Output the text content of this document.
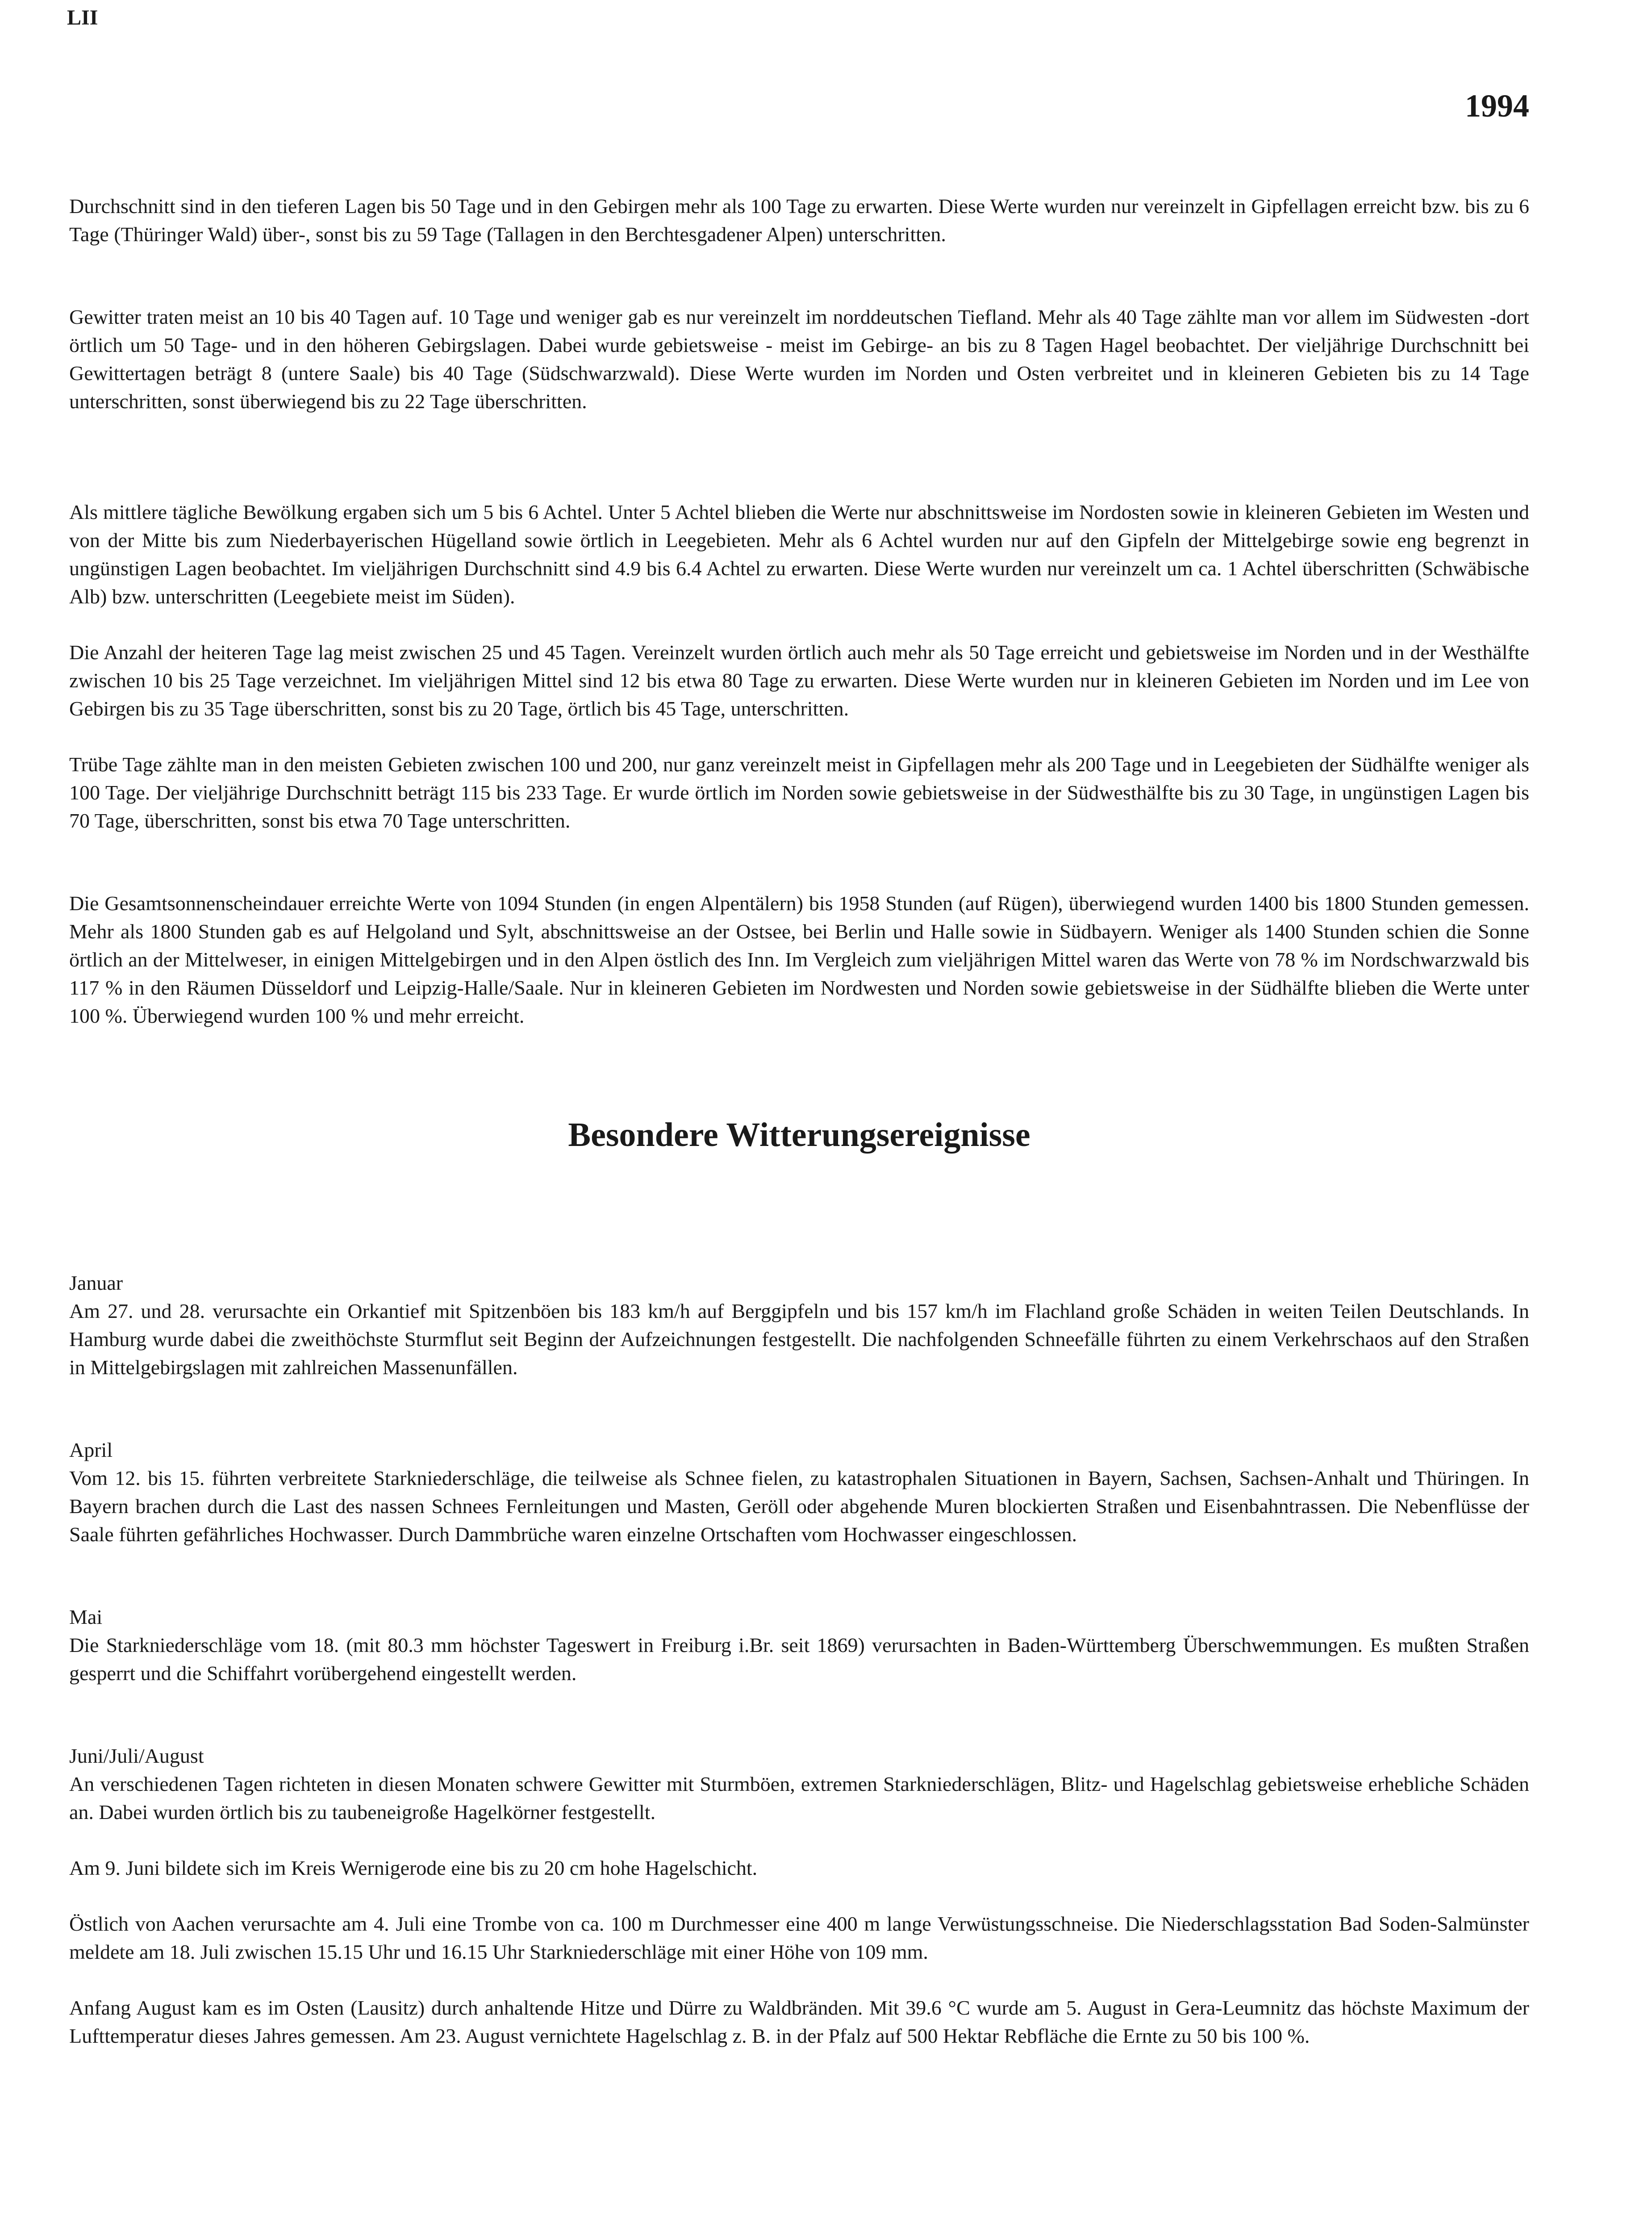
LII
1994

Durchschnitt sind in den tieferen Lagen bis 50 Tage und in den Gebirgen mehr als 100 Tage zu erwarten. Diese Werte wurden nur vereinzelt in Gipfellagen erreicht bzw. bis zu 6 Tage (Thüringer Wald) über-, sonst bis zu 59 Tage (Tallagen in den Berchtesgadener Alpen) unterschritten.

Gewitter traten meist an 10 bis 40 Tagen auf. 10 Tage und weniger gab es nur vereinzelt im norddeutschen Tiefland. Mehr als 40 Tage zählte man vor allem im Südwesten -dort örtlich um 50 Tage- und in den höheren Gebirgslagen. Dabei wurde gebietsweise - meist im Gebirge- an bis zu 8 Tagen Hagel beobachtet. Der vieljährige Durchschnitt bei Gewittertagen beträgt 8 (untere Saale) bis 40 Tage (Südschwarzwald). Diese Werte wurden im Norden und Osten verbreitet und in kleineren Gebieten bis zu 14 Tage unterschritten, sonst überwiegend bis zu 22 Tage überschritten.

Als mittlere tägliche Bewölkung ergaben sich um 5 bis 6 Achtel. Unter 5 Achtel blieben die Werte nur abschnittsweise im Nordosten sowie in kleineren Gebieten im Westen und von der Mitte bis zum Niederbayerischen Hügelland sowie örtlich in Leegebieten. Mehr als 6 Achtel wurden nur auf den Gipfeln der Mittelgebirge sowie eng begrenzt in ungünstigen Lagen beobachtet. Im vieljährigen Durchschnitt sind 4.9 bis 6.4 Achtel zu erwarten. Diese Werte wurden nur vereinzelt um ca. 1 Achtel überschritten (Schwäbische Alb) bzw. unterschritten (Leegebiete meist im Süden).

Die Anzahl der heiteren Tage lag meist zwischen 25 und 45 Tagen. Vereinzelt wurden örtlich auch mehr als 50 Tage erreicht und gebietsweise im Norden und in der Westhälfte zwischen 10 bis 25 Tage verzeichnet. Im vieljährigen Mittel sind 12 bis etwa 80 Tage zu erwarten. Diese Werte wurden nur in kleineren Gebieten im Norden und im Lee von Gebirgen bis zu 35 Tage überschritten, sonst bis zu 20 Tage, örtlich bis 45 Tage, unterschritten.

Trübe Tage zählte man in den meisten Gebieten zwischen 100 und 200, nur ganz vereinzelt meist in Gipfellagen mehr als 200 Tage und in Leegebieten der Südhälfte weniger als 100 Tage. Der vieljährige Durchschnitt beträgt 115 bis 233 Tage. Er wurde örtlich im Norden sowie gebietsweise in der Südwesthälfte bis zu 30 Tage, in ungünstigen Lagen bis 70 Tage, überschritten, sonst bis etwa 70 Tage unterschritten.

Die Gesamtsonnenscheindauer erreichte Werte von 1094 Stunden (in engen Alpentälern) bis 1958 Stunden (auf Rügen), überwiegend wurden 1400 bis 1800 Stunden gemessen. Mehr als 1800 Stunden gab es auf Helgoland und Sylt, abschnittsweise an der Ostsee, bei Berlin und Halle sowie in Südbayern. Weniger als 1400 Stunden schien die Sonne örtlich an der Mittelweser, in einigen Mittelgebirgen und in den Alpen östlich des Inn. Im Vergleich zum vieljährigen Mittel waren das Werte von 78 % im Nordschwarzwald bis 117 % in den Räumen Düsseldorf und Leipzig-Halle/Saale. Nur in kleineren Gebieten im Nordwesten und Norden sowie gebietsweise in der Südhälfte blieben die Werte unter 100 %. Überwiegend wurden 100 % und mehr erreicht.

Besondere Witterungsereignisse
Januar

Am 27. und 28. verursachte ein Orkantief mit Spitzenböen bis 183 km/h auf Berggipfeln und bis 157 km/h im Flachland große Schäden in weiten Teilen Deutschlands. In Hamburg wurde dabei die zweithöchste Sturmflut seit Beginn der Aufzeichnungen festgestellt. Die nachfolgenden Schneefälle führten zu einem Verkehrschaos auf den Straßen in Mittelgebirgslagen mit zahlreichen Massenunfällen.

April

Vom 12. bis 15. führten verbreitete Starkniederschläge, die teilweise als Schnee fielen, zu katastrophalen Situationen in Bayern, Sachsen, Sachsen-Anhalt und Thüringen. In Bayern brachen durch die Last des nassen Schnees Fernleitungen und Masten, Geröll oder abgehende Muren blockierten Straßen und Eisenbahntrassen. Die Nebenflüsse der Saale führten gefährliches Hochwasser. Durch Dammbrüche waren einzelne Ortschaften vom Hochwasser eingeschlossen.

Mai

Die Starkniederschläge vom 18. (mit 80.3 mm höchster Tageswert in Freiburg i.Br. seit 1869) verursachten in Baden-Württemberg Überschwemmungen. Es mußten Straßen gesperrt und die Schiffahrt vorübergehend eingestellt werden.

Juni/Juli/August

An verschiedenen Tagen richteten in diesen Monaten schwere Gewitter mit Sturmböen, extremen Starkniederschlägen, Blitz- und Hagelschlag gebietsweise erhebliche Schäden an. Dabei wurden örtlich bis zu taubeneigroße Hagelkörner festgestellt.

Am 9. Juni bildete sich im Kreis Wernigerode eine bis zu 20 cm hohe Hagelschicht.

Östlich von Aachen verursachte am 4. Juli eine Trombe von ca. 100 m Durchmesser eine 400 m lange Verwüstungsschneise. Die Niederschlagsstation Bad Soden-Salmünster meldete am 18. Juli zwischen 15.15 Uhr und 16.15 Uhr Starkniederschläge mit einer Höhe von 109 mm.

Anfang August kam es im Osten (Lausitz) durch anhaltende Hitze und Dürre zu Waldbränden. Mit 39.6 °C wurde am 5. August in Gera-Leumnitz das höchste Maximum der Lufttemperatur dieses Jahres gemessen. Am 23. August vernichtete Hagelschlag z. B. in der Pfalz auf 500 Hektar Rebfläche die Ernte zu 50 bis 100 %.
